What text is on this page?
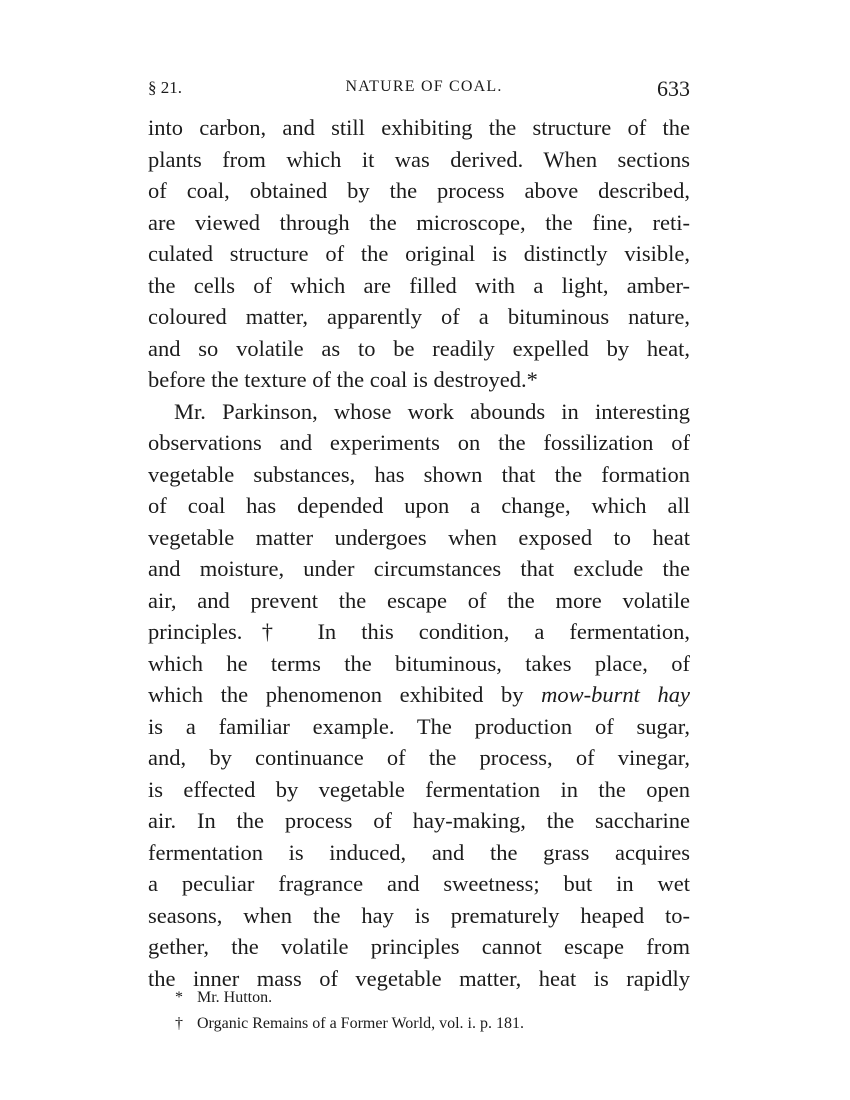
§ 21.	NATURE OF COAL.	633
into carbon, and still exhibiting the structure of the
plants from which it was derived. When sections
of coal, obtained by the process above described,
are viewed through the microscope, the fine, reti-
culated structure of the original is distinctly visible,
the cells of which are filled with a light, amber-
coloured matter, apparently of a bituminous nature,
and so volatile as to be readily expelled by heat,
before the texture of the coal is destroyed.*
Mr. Parkinson, whose work abounds in interesting
observations and experiments on the fossilization of
vegetable substances, has shown that the formation
of coal has depended upon a change, which all
vegetable matter undergoes when exposed to heat
and moisture, under circumstances that exclude the
air, and prevent the escape of the more volatile
principles.† In this condition, a fermentation,
which he terms the bituminous, takes place, of
which the phenomenon exhibited by mow-burnt hay
is a familiar example. The production of sugar,
and, by continuance of the process, of vinegar,
is effected by vegetable fermentation in the open
air. In the process of hay-making, the saccharine
fermentation is induced, and the grass acquires
a peculiar fragrance and sweetness; but in wet
seasons, when the hay is prematurely heaped to-
gether, the volatile principles cannot escape from
the inner mass of vegetable matter, heat is rapidly
* Mr. Hutton.
† Organic Remains of a Former World, vol. i. p. 181.
